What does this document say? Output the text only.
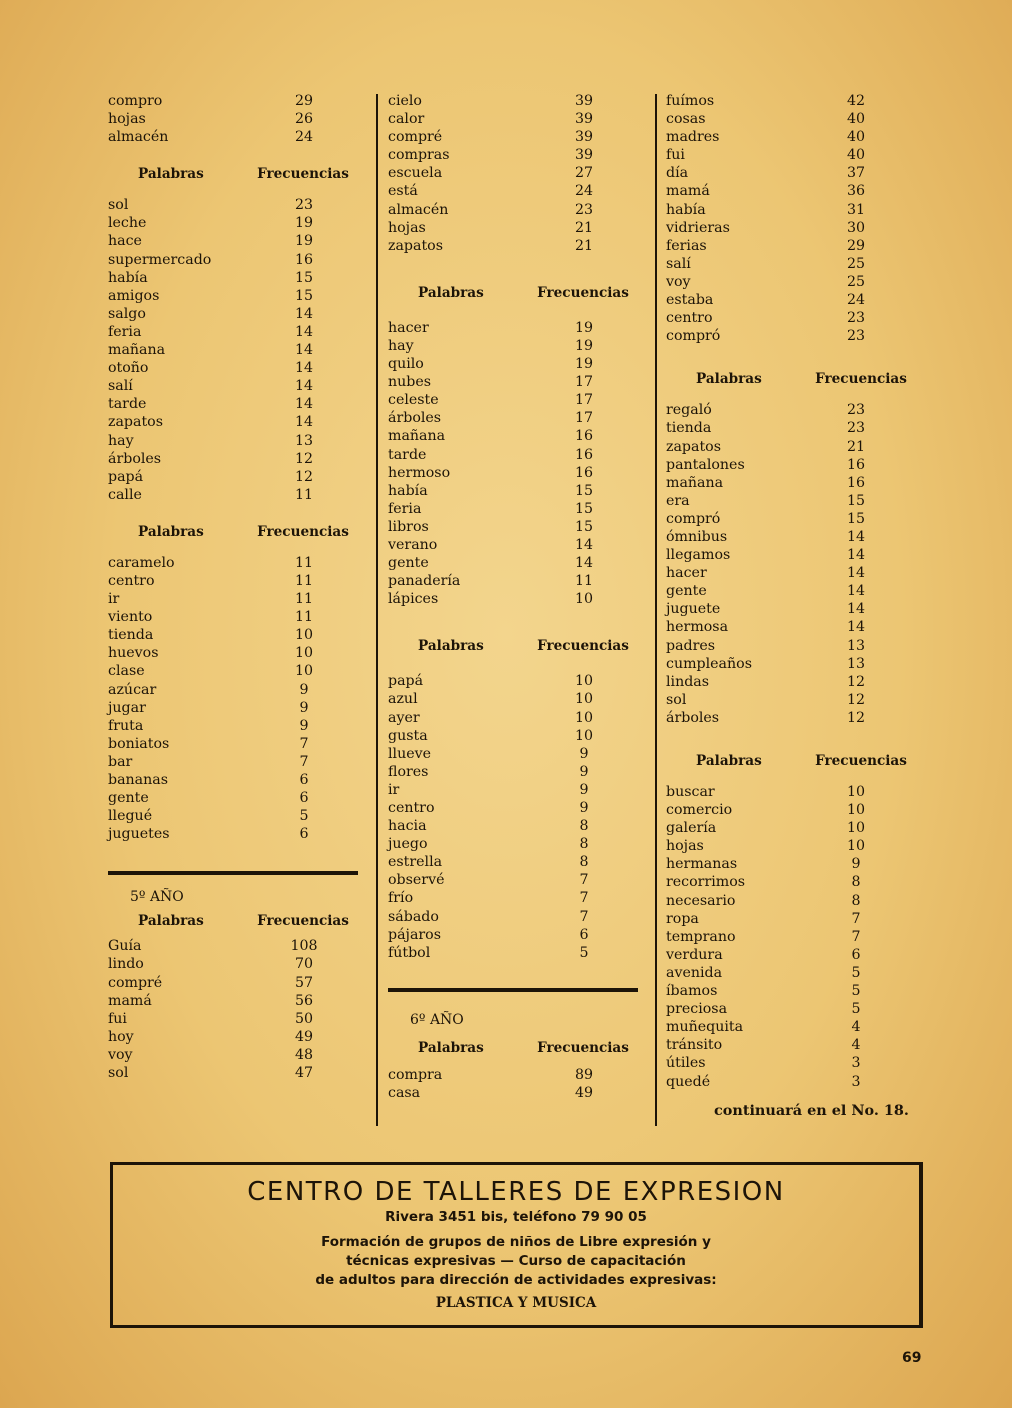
compro	29
hojas	26
almacén	24
Palabras	Frecuencias
sol	23
leche	19
hace	19
supermercado	16
había	15
amigos	15
salgo	14
feria	14
mañana	14
otoño	14
salí	14
tarde	14
zapatos	14
hay	13
árboles	12
papá	12
calle	11
Palabras	Frecuencias
caramelo	11
centro	11
ir	11
viento	11
tienda	10
huevos	10
clase	10
azúcar	9
jugar	9
fruta	9
boniatos	7
bar	7
bananas	6
gente	6
llegué	5
juguetes	6
5º AÑO
Palabras	Frecuencias
Guía	108
lindo	70
compré	57
mamá	56
fui	50
hoy	49
voy	48
sol	47
cielo	39
calor	39
compré	39
compras	39
escuela	27
está	24
almacén	23
hojas	21
zapatos	21
Palabras	Frecuencias
hacer	19
hay	19
quilo	19
nubes	17
celeste	17
árboles	17
mañana	16
tarde	16
hermoso	16
había	15
feria	15
libros	15
verano	14
gente	14
panadería	11
lápices	10
Palabras	Frecuencias
papá	10
azul	10
ayer	10
gusta	10
llueve	9
flores	9
ir	9
centro	9
hacia	8
juego	8
estrella	8
observé	7
frío	7
sábado	7
pájaros	6
fútbol	5
6º AÑO
Palabras	Frecuencias
compra	89
casa	49
fuímos	42
cosas	40
madres	40
fui	40
día	37
mamá	36
había	31
vidrieras	30
ferias	29
salí	25
voy	25
estaba	24
centro	23
compró	23
Palabras	Frecuencias
regaló	23
tienda	23
zapatos	21
pantalones	16
mañana	16
era	15
compró	15
ómnibus	14
llegamos	14
hacer	14
gente	14
juguete	14
hermosa	14
padres	13
cumpleaños	13
lindas	12
sol	12
árboles	12
Palabras	Frecuencias
buscar	10
comercio	10
galería	10
hojas	10
hermanas	9
recorrimos	8
necesario	8
ropa	7
temprano	7
verdura	6
avenida	5
íbamos	5
preciosa	5
muñequita	4
tránsito	4
útiles	3
quedé	3
continuará en el No. 18.
CENTRO DE TALLERES DE EXPRESION
Rivera 3451 bis, teléfono 79 90 05
Formación de grupos de niños de Libre expresión y
técnicas expresivas — Curso de capacitación
de adultos para dirección de actividades expresivas:
PLASTICA Y MUSICA
69
